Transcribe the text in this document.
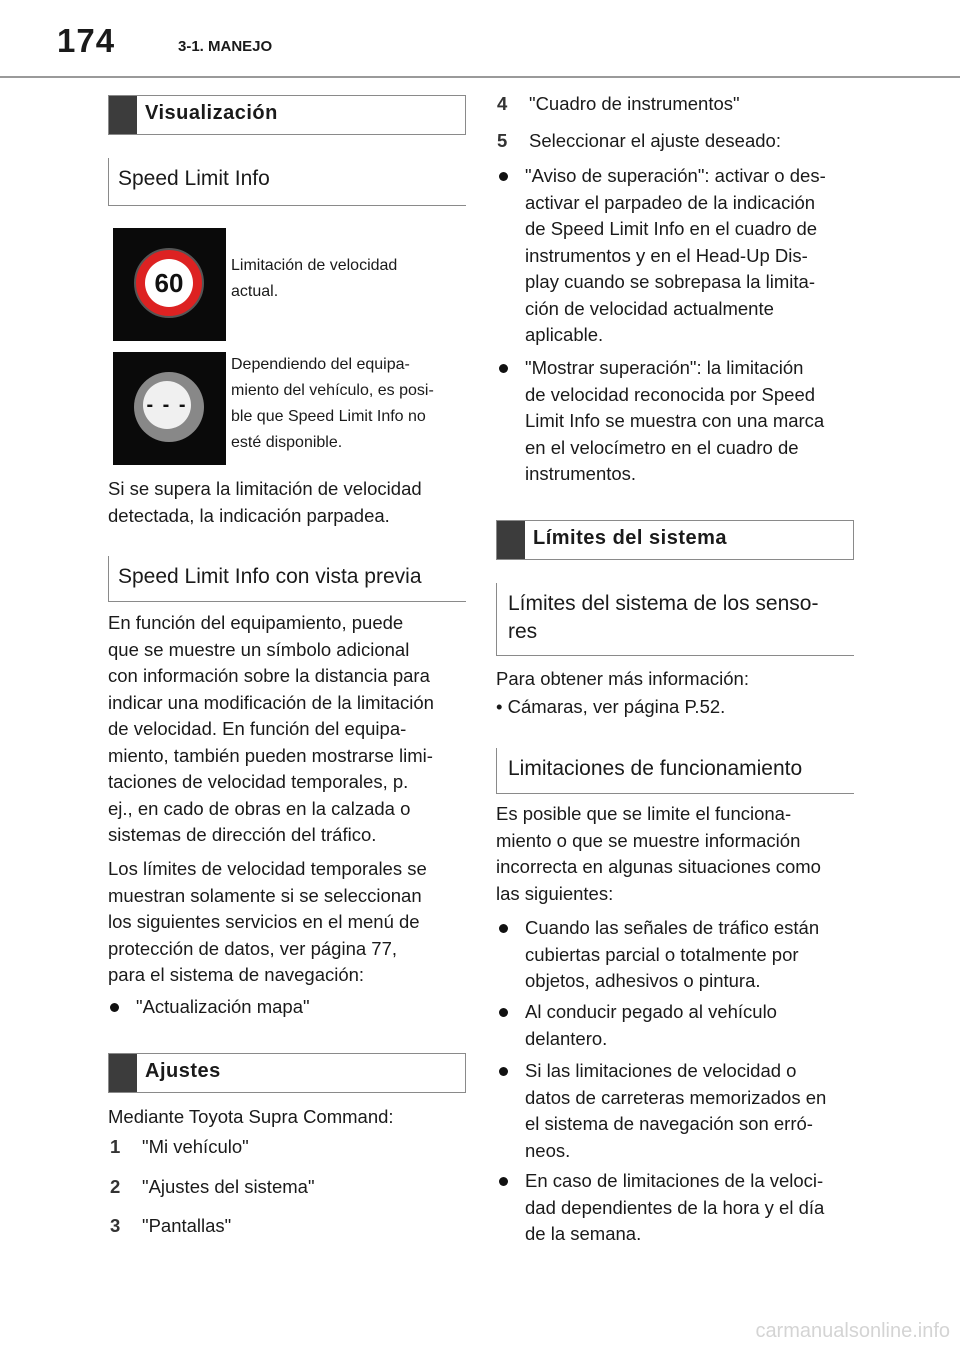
174	3-1. MANEJO
Visualización
Speed Limit Info
60
Limitación de velocidad
actual.
- - -
Dependiendo del equipa-
miento del vehículo, es posi-
ble que Speed Limit Info no
esté disponible.
Si se supera la limitación de velocidad
detectada, la indicación parpadea.
Speed Limit Info con vista previa
En función del equipamiento, puede
que se muestre un símbolo adicional
con información sobre la distancia para
indicar una modificación de la limitación
de velocidad. En función del equipa-
miento, también pueden mostrarse limi-
taciones de velocidad temporales, p.
ej., en cado de obras en la calzada o
sistemas de dirección del tráfico.
Los límites de velocidad temporales se
muestran solamente si se seleccionan
los siguientes servicios en el menú de
protección de datos, ver página 77,
para el sistema de navegación:
"Actualización mapa"
Ajustes
Mediante Toyota Supra Command:
1 "Mi vehículo"
2 "Ajustes del sistema"
3 "Pantallas"
4 "Cuadro de instrumentos"
5 Seleccionar el ajuste deseado:
"Aviso de superación": activar o des-
activar el parpadeo de la indicación
de Speed Limit Info en el cuadro de
instrumentos y en el Head-Up Dis-
play cuando se sobrepasa la limita-
ción de velocidad actualmente
aplicable.
"Mostrar superación": la limitación
de velocidad reconocida por Speed
Limit Info se muestra con una marca
en el velocímetro en el cuadro de
instrumentos.
Límites del sistema
Límites del sistema de los senso-
res
Para obtener más información:
• Cámaras, ver página P.52.
Limitaciones de funcionamiento
Es posible que se limite el funciona-
miento o que se muestre información
incorrecta en algunas situaciones como
las siguientes:
Cuando las señales de tráfico están
cubiertas parcial o totalmente por
objetos, adhesivos o pintura.
Al conducir pegado al vehículo
delantero.
Si las limitaciones de velocidad o
datos de carreteras memorizados en
el sistema de navegación son erró-
neos.
En caso de limitaciones de la veloci-
dad dependientes de la hora y el día
de la semana.
carmanualsonline.info
